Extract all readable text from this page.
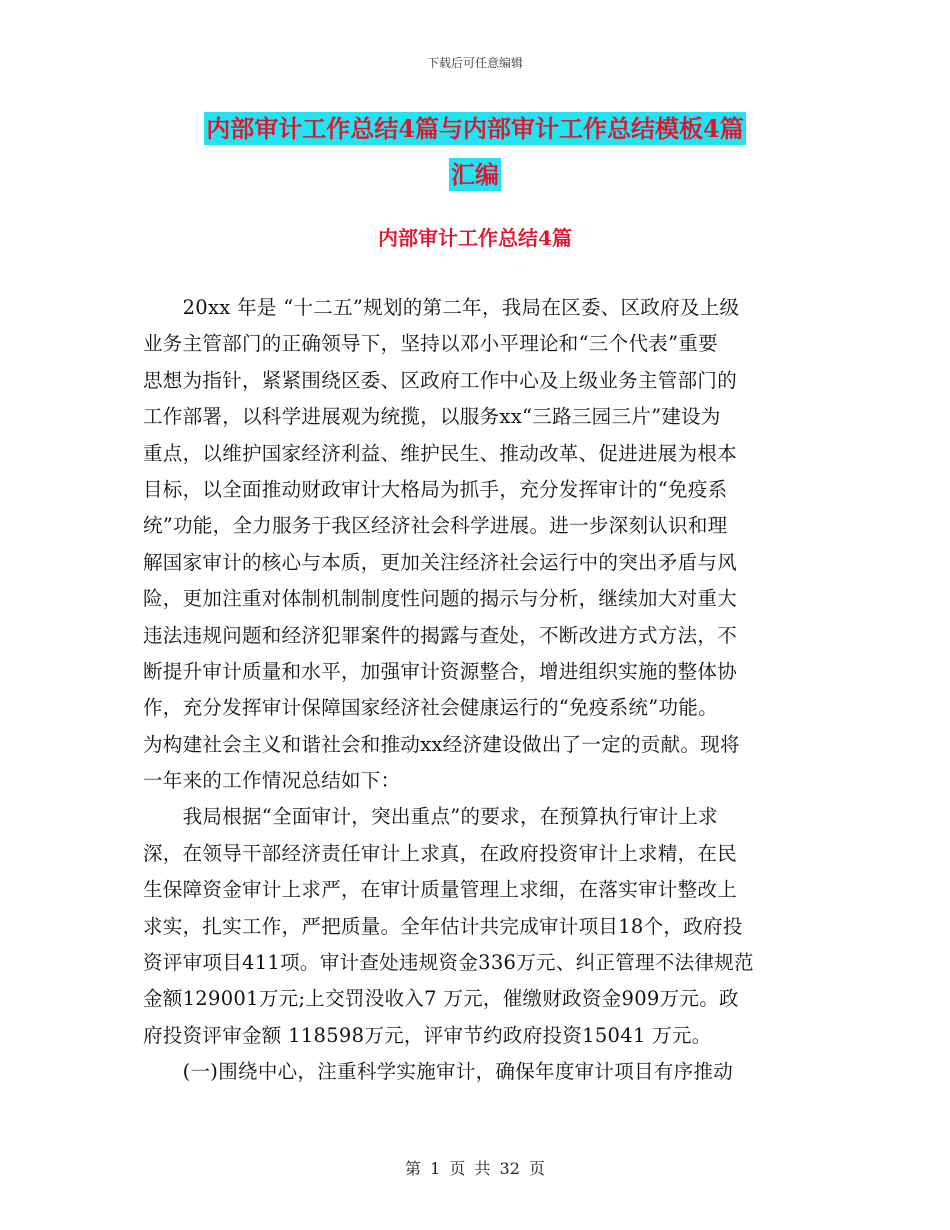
下载后可任意编辑
内部审计工作总结4篇与内部审计工作总结模板4篇
汇编
内部审计工作总结4篇
　　20xx 年是 “十二五”规划的第二年，我局在区委、区政府及上级
业务主管部门的正确领导下，坚持以邓小平理论和“三个代表”重要
思想为指针，紧紧围绕区委、区政府工作中心及上级业务主管部门的
工作部署，以科学进展观为统揽，以服务xx“三路三园三片”建设为
重点，以维护国家经济利益、维护民生、推动改革、促进进展为根本
目标，以全面推动财政审计大格局为抓手，充分发挥审计的“免疫系
统”功能，全力服务于我区经济社会科学进展。进一步深刻认识和理
解国家审计的核心与本质，更加关注经济社会运行中的突出矛盾与风
险，更加注重对体制机制制度性问题的揭示与分析，继续加大对重大
违法违规问题和经济犯罪案件的揭露与查处，不断改进方式方法，不
断提升审计质量和水平，加强审计资源整合，增进组织实施的整体协
作，充分发挥审计保障国家经济社会健康运行的“免疫系统”功能。
为构建社会主义和谐社会和推动xx经济建设做出了一定的贡献。现将
一年来的工作情况总结如下：
　　我局根据“全面审计，突出重点”的要求，在预算执行审计上求
深，在领导干部经济责任审计上求真，在政府投资审计上求精，在民
生保障资金审计上求严，在审计质量管理上求细，在落实审计整改上
求实，扎实工作，严把质量。全年估计共完成审计项目18个，政府投
资评审项目411项。审计查处违规资金336万元、纠正管理不法律规范
金额129001万元;上交罚没收入7 万元，催缴财政资金909万元。政
府投资评审金额 118598万元，评审节约政府投资15041 万元。
　　(一)围绕中心，注重科学实施审计，确保年度审计项目有序推动
第 1 页 共 32 页
